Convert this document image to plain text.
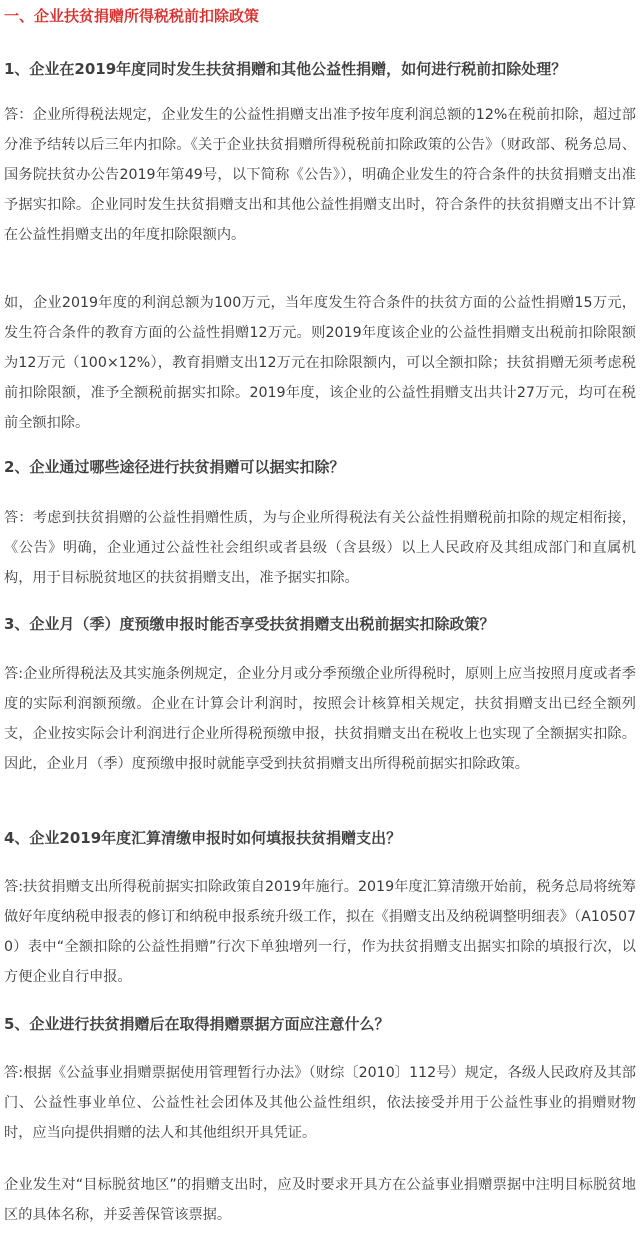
一、企业扶贫捐赠所得税税前扣除政策
1、企业在2019年度同时发生扶贫捐赠和其他公益性捐赠，如何进行税前扣除处理？
答：企业所得税法规定，企业发生的公益性捐赠支出准予按年度利润总额的12%在税前扣除，超过部分准予结转以后三年内扣除。《关于企业扶贫捐赠所得税税前扣除政策的公告》（财政部、税务总局、国务院扶贫办公告2019年第49号，以下简称《公告》），明确企业发生的符合条件的扶贫捐赠支出准予据实扣除。企业同时发生扶贫捐赠支出和其他公益性捐赠支出时，符合条件的扶贫捐赠支出不计算在公益性捐赠支出的年度扣除限额内。
如，企业2019年度的利润总额为100万元，当年度发生符合条件的扶贫方面的公益性捐赠15万元，发生符合条件的教育方面的公益性捐赠12万元。则2019年度该企业的公益性捐赠支出税前扣除限额为12万元（100×12%），教育捐赠支出12万元在扣除限额内，可以全额扣除；扶贫捐赠无须考虑税前扣除限额，准予全额税前据实扣除。2019年度，该企业的公益性捐赠支出共计27万元，均可在税前全额扣除。
2、企业通过哪些途径进行扶贫捐赠可以据实扣除？
答：考虑到扶贫捐赠的公益性捐赠性质，为与企业所得税法有关公益性捐赠税前扣除的规定相衔接，《公告》明确，企业通过公益性社会组织或者县级（含县级）以上人民政府及其组成部门和直属机构，用于目标脱贫地区的扶贫捐赠支出，准予据实扣除。
3、企业月（季）度预缴申报时能否享受扶贫捐赠支出税前据实扣除政策？
答:企业所得税法及其实施条例规定，企业分月或分季预缴企业所得税时，原则上应当按照月度或者季度的实际利润额预缴。企业在计算会计利润时，按照会计核算相关规定，扶贫捐赠支出已经全额列支，企业按实际会计利润进行企业所得税预缴申报，扶贫捐赠支出在税收上也实现了全额据实扣除。因此，企业月（季）度预缴申报时就能享受到扶贫捐赠支出所得税前据实扣除政策。
4、企业2019年度汇算清缴申报时如何填报扶贫捐赠支出？
答:扶贫捐赠支出所得税前据实扣除政策自2019年施行。2019年度汇算清缴开始前，税务总局将统筹做好年度纳税申报表的修订和纳税申报系统升级工作，拟在《捐赠支出及纳税调整明细表》（A105070）表中“全额扣除的公益性捐赠”行次下单独增列一行，作为扶贫捐赠支出据实扣除的填报行次，以方便企业自行申报。
5、企业进行扶贫捐赠后在取得捐赠票据方面应注意什么？
答:根据《公益事业捐赠票据使用管理暂行办法》（财综〔2010〕112号）规定，各级人民政府及其部门、公益性事业单位、公益性社会团体及其他公益性组织，依法接受并用于公益性事业的捐赠财物时，应当向提供捐赠的法人和其他组织开具凭证。
企业发生对“目标脱贫地区”的捐赠支出时，应及时要求开具方在公益事业捐赠票据中注明目标脱贫地区的具体名称，并妥善保管该票据。
